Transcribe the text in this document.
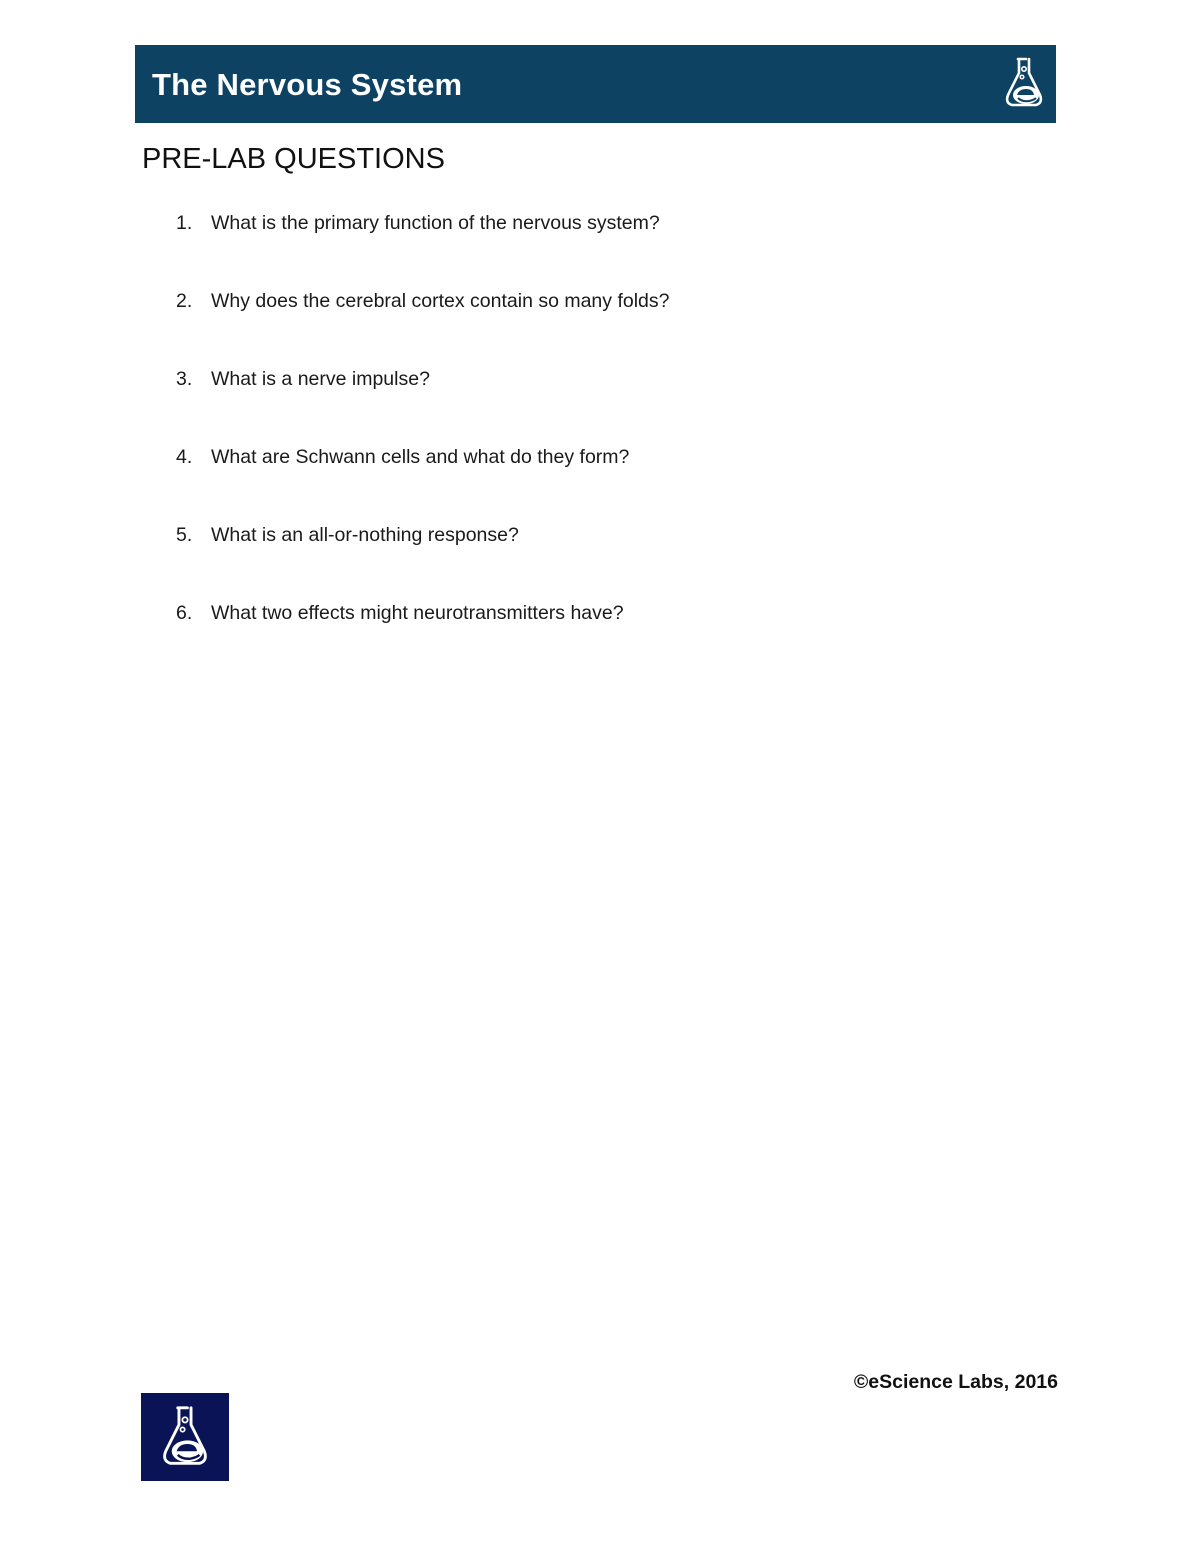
The Nervous System
PRE-LAB QUESTIONS
1. What is the primary function of the nervous system?
2. Why does the cerebral cortex contain so many folds?
3. What is a nerve impulse?
4. What are Schwann cells and what do they form?
5. What is an all-or-nothing response?
6. What two effects might neurotransmitters have?
©eScience Labs, 2016
